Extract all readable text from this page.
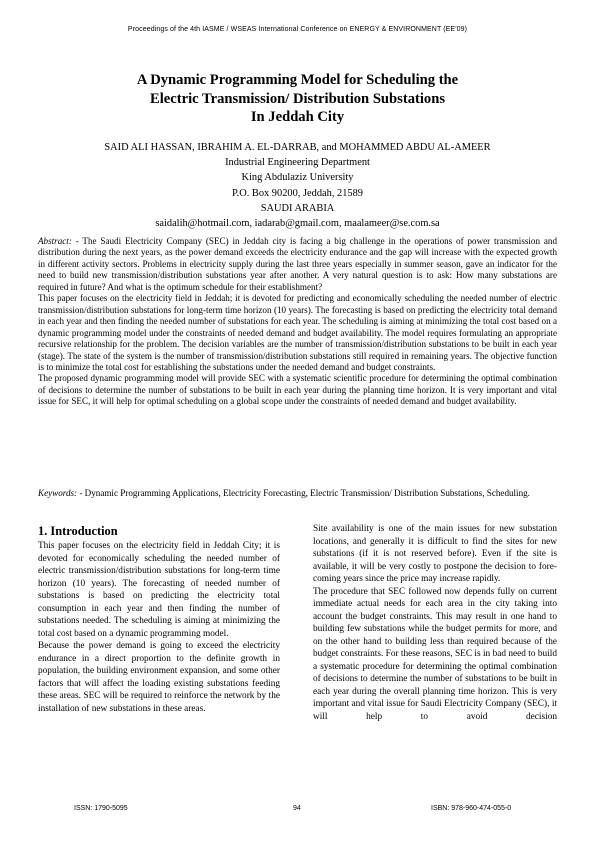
Proceedings of the 4th IASME / WSEAS International Conference on ENERGY & ENVIRONMENT (EE'09)
A Dynamic Programming Model for Scheduling the
Electric Transmission/ Distribution Substations
In Jeddah City
SAID ALI HASSAN, IBRAHIM A. EL-DARRAB, and MOHAMMED ABDU AL-AMEER
Industrial Engineering Department
King Abdulaziz University
P.O. Box 90200, Jeddah, 21589
SAUDI ARABIA
saidalih@hotmail.com, iadarab@gmail.com, maalameer@se.com.sa

Abstract: - The Saudi Electricity Company (SEC) in Jeddah city is facing a big challenge in the operations of power transmission and distribution during the next years, as the power demand exceeds the electricity endurance and the gap will increase with the expected growth in different activity sectors. Problems in electricity supply during the last three years especially in summer season, gave an indicator for the need to build new transmission/distribution substations year after another. A very natural question is to ask: How many substations are required in future? And what is the optimum schedule for their establishment?

This paper focuses on the electricity field in Jeddah; it is devoted for predicting and economically scheduling the needed number of electric transmission/distribution substations for long-term time horizon (10 years). The forecasting is based on predicting the electricity total demand in each year and then finding the needed number of substations for each year. The scheduling is aiming at minimizing the total cost based on a dynamic programming model under the constraints of needed demand and budget availability. The model requires formulating an appropriate recursive relationship for the problem. The decision variables are the number of transmission/distribution substations to be built in each year (stage). The state of the system is the number of transmission/distribution substations still required in remaining years. The objective function is to minimize the total cost for establishing the substations under the needed demand and budget constraints.

The proposed dynamic programming model will provide SEC with a systematic scientific procedure for determining the optimal combination of decisions to determine the number of substations to be built in each year during the planning time horizon. It is very important and vital issue for SEC, it will help for optimal scheduling on a global scope under the constraints of needed demand and budget availability.

Keywords: - Dynamic Programming Applications, Electricity Forecasting, Electric Transmission/ Distribution Substations, Scheduling.
1. Introduction

This paper focuses on the electricity field in Jeddah City; it is devoted for economically scheduling the needed number of electric transmission/distribution substations for long-term time horizon (10 years). The forecasting of needed number of substations is based on predicting the electricity total consumption in each year and then finding the number of substations needed. The scheduling is aiming at minimizing the total cost based on a dynamic programming model.

Because the power demand is going to exceed the electricity endurance in a direct proportion to the definite growth in population, the building environment expansion, and some other factors that will affect the loading existing substations feeding these areas. SEC will be required to reinforce the network by the installation of new substations in these areas.

Site availability is one of the main issues for new substation locations, and generally it is difficult to find the sites for new substations (if it is not reserved before). Even if the site is available, it will be very costly to postpone the decision to fore-coming years since the price may increase rapidly.

The procedure that SEC followed now depends fully on current immediate actual needs for each area in the city taking into account the budget constraints. This may result in one hand to building few substations while the budget permits for more, and on the other hand to building less than required because of the budget constraints. For these reasons, SEC is in bad need to build a systematic procedure for determining the optimal combination of decisions to determine the number of substations to be built in each year during the overall planning time horizon. This is very important and vital issue for Saudi Electricity Company (SEC), it will help to avoid decision

ISSN: 1790-5095	94	ISBN: 978-960-474-055-0
